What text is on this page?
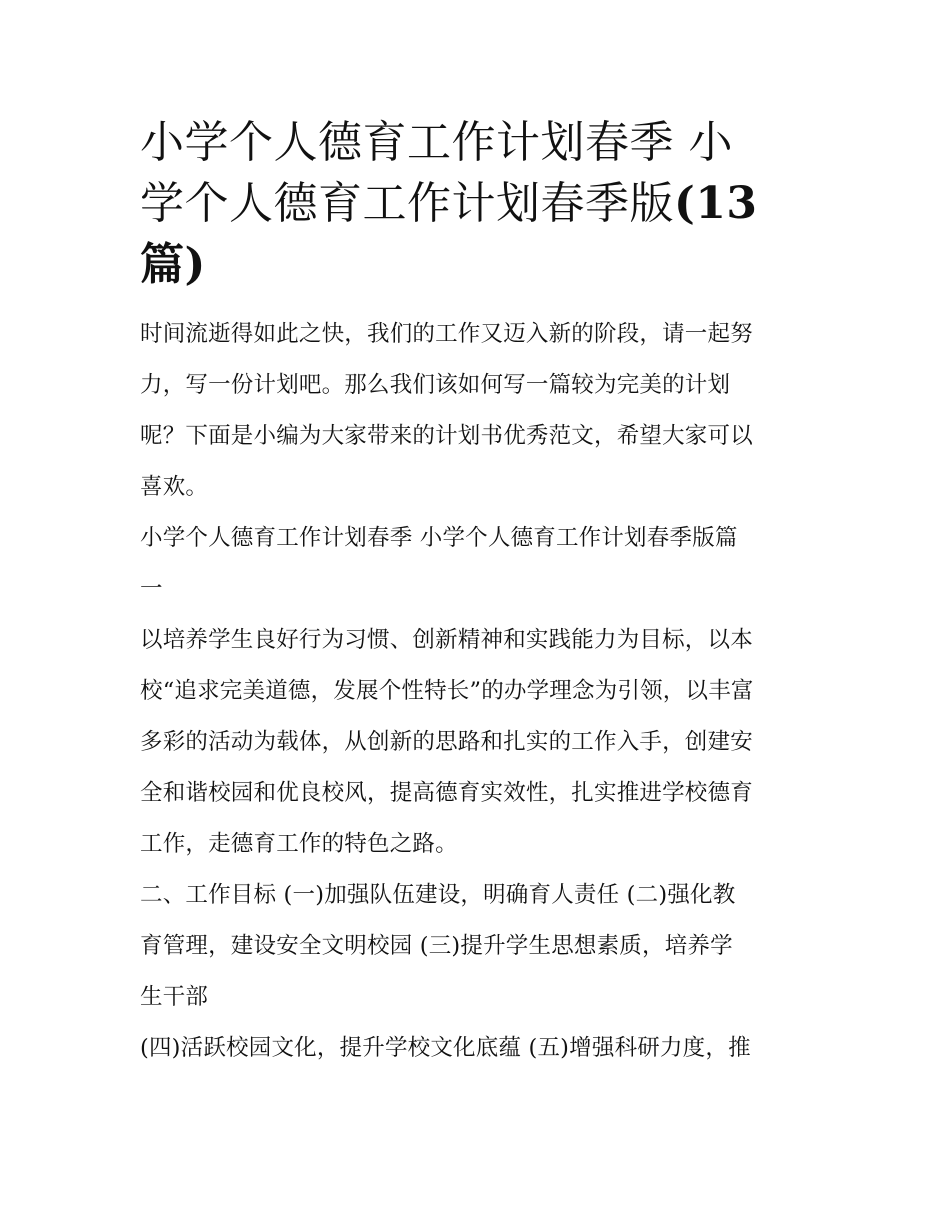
小学个人德育工作计划春季 小
学个人德育工作计划春季版(13
篇)

时间流逝得如此之快，我们的工作又迈入新的阶段，请一起努
力，写一份计划吧。那么我们该如何写一篇较为完美的计划
呢？下面是小编为大家带来的计划书优秀范文，希望大家可以
喜欢。

小学个人德育工作计划春季 小学个人德育工作计划春季版篇
一

以培养学生良好行为习惯、创新精神和实践能力为目标，以本
校“追求完美道德，发展个性特长”的办学理念为引领，以丰富
多彩的活动为载体，从创新的思路和扎实的工作入手，创建安
全和谐校园和优良校风，提高德育实效性，扎实推进学校德育
工作，走德育工作的特色之路。

二、工作目标 (一)加强队伍建设，明确育人责任 (二)强化教
育管理，建设安全文明校园 (三)提升学生思想素质，培养学
生干部

(四)活跃校园文化，提升学校文化底蕴 (五)增强科研力度，推
